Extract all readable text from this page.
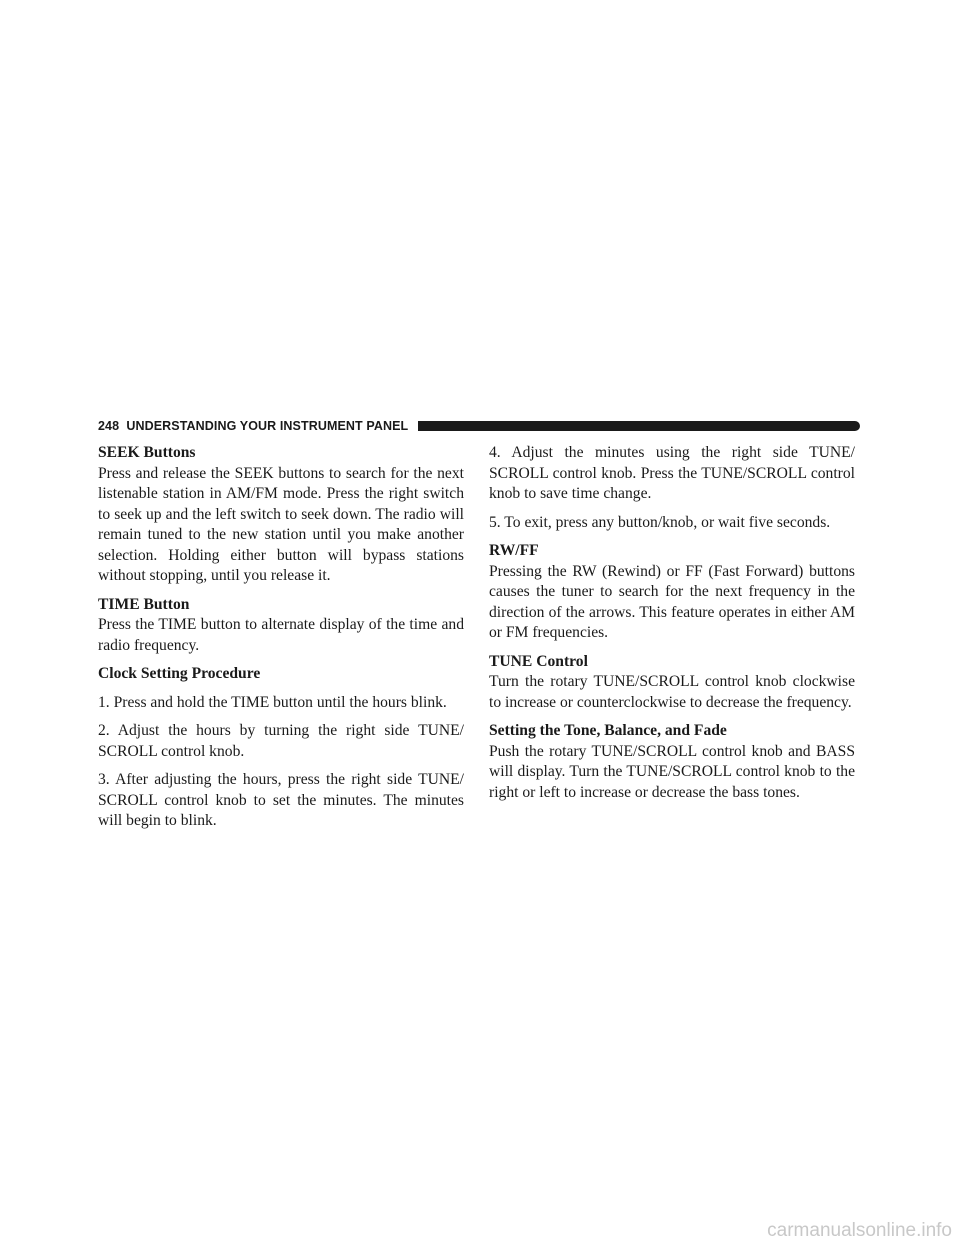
248 UNDERSTANDING YOUR INSTRUMENT PANEL
SEEK Buttons

Press and release the SEEK buttons to search for the next listenable station in AM/FM mode. Press the right switch to seek up and the left switch to seek down. The radio will remain tuned to the new station until you make another selection. Holding either button will bypass stations without stopping, until you release it.

TIME Button

Press the TIME button to alternate display of the time and radio frequency.

Clock Setting Procedure

1. Press and hold the TIME button until the hours blink.

2. Adjust the hours by turning the right side TUNE/ SCROLL control knob.

3. After adjusting the hours, press the right side TUNE/ SCROLL control knob to set the minutes. The minutes will begin to blink.

4. Adjust the minutes using the right side TUNE/ SCROLL control knob. Press the TUNE/SCROLL control knob to save time change.

5. To exit, press any button/knob, or wait five seconds.

RW/FF

Pressing the RW (Rewind) or FF (Fast Forward) buttons causes the tuner to search for the next frequency in the direction of the arrows. This feature operates in either AM or FM frequencies.

TUNE Control

Turn the rotary TUNE/SCROLL control knob clockwise to increase or counterclockwise to decrease the frequency.

Setting the Tone, Balance, and Fade

Push the rotary TUNE/SCROLL control knob and BASS will display. Turn the TUNE/SCROLL control knob to the right or left to increase or decrease the bass tones.

carmanualsonline.info
